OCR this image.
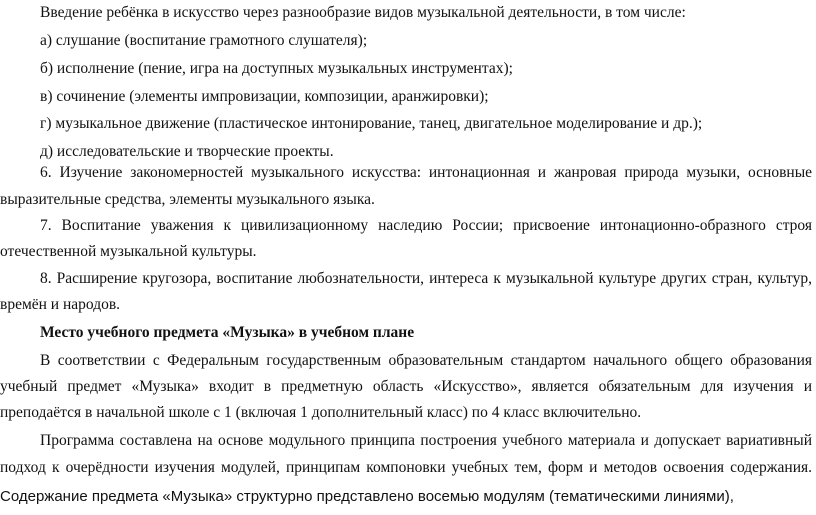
Введение ребёнка в искусство через разнообразие видов музыкальной деятельности, в том числе:
а) слушание (воспитание грамотного слушателя);
б) исполнение (пение, игра на доступных музыкальных инструментах);
в) сочинение (элементы импровизации, композиции, аранжировки);
г) музыкальное движение (пластическое интонирование, танец, двигательное моделирование и др.);
д) исследовательские и творческие проекты.
6. Изучение закономерностей музыкального искусства: интонационная и жанровая природа музыки, основные
выразительные средства, элементы музыкального языка.
7. Воспитание уважения к цивилизационному наследию России; присвоение интонационно-образного строя
отечественной музыкальной культуры.
8. Расширение кругозора, воспитание любознательности, интереса к музыкальной культуре других стран, культур,
времён и народов.
Место учебного предмета «Музыка» в учебном плане
В соответствии с Федеральным государственным образовательным стандартом начального общего образования
учебный предмет «Музыка» входит в предметную область «Искусство», является обязательным для изучения и
преподаётся в начальной школе с 1 (включая 1 дополнительный класс) по 4 класс включительно.
Программа составлена на основе модульного принципа построения учебного материала и допускает вариативный
подход к очерёдности изучения модулей, принципам компоновки учебных тем, форм и методов освоения содержания.
Содержание предмета «Музыка» структурно представлено восемью модулям (тематическими линиями),
